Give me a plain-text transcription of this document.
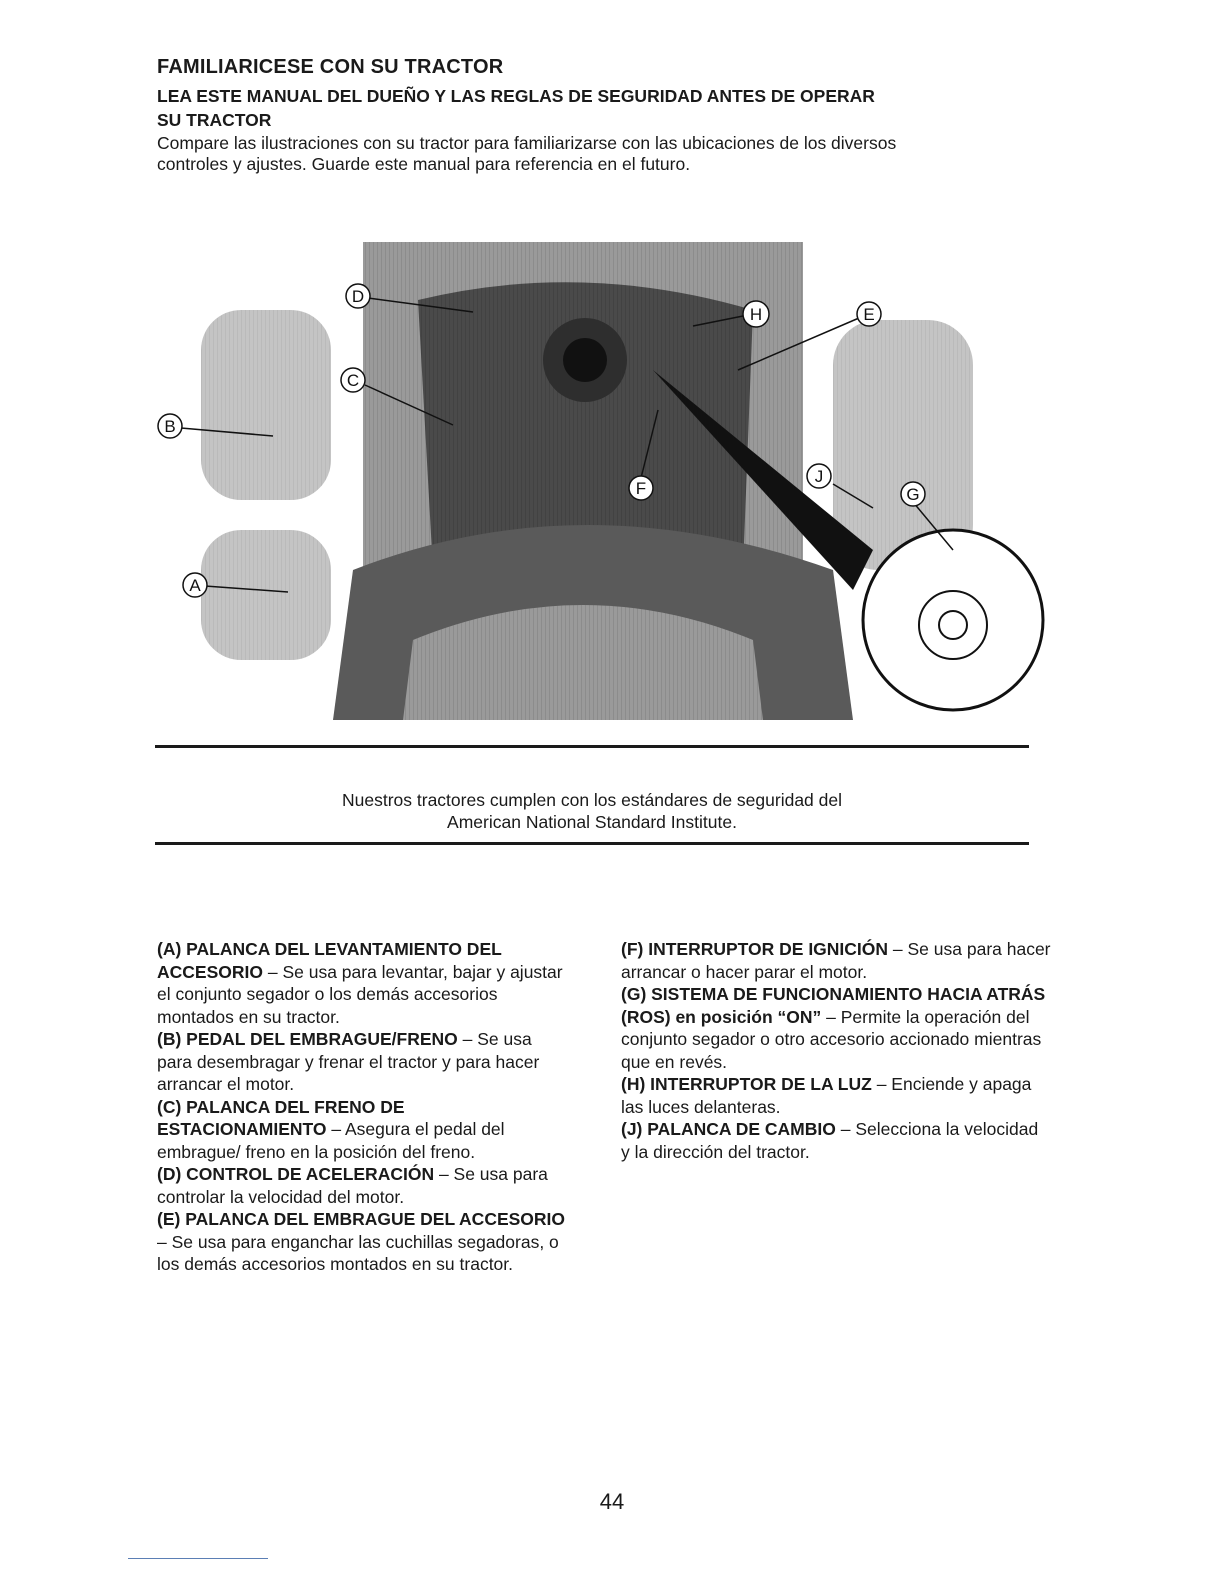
FAMILIARICESE CON SU TRACTOR
LEA ESTE MANUAL DEL DUEÑO Y LAS REGLAS DE SEGURIDAD ANTES DE OPERAR
SU TRACTOR
Compare las ilustraciones con su tractor para familiarizarse con las ubicaciones de los diversos
controles y ajustes. Guarde este manual para referencia en el futuro.
D
C
B
A
H	E
F
J
G
Nuestros tractores cumplen con los estándares de seguridad del
American National Standard Institute.
(A) PALANCA DEL LEVANTAMIENTO DEL ACCESORIO – Se usa para levantar, bajar y ajustar el conjunto segador o los demás accesorios montados en su tractor.
(B) PEDAL DEL EMBRAGUE/FRENO – Se usa para desembragar y frenar el tractor y para hacer arrancar el motor.
(C) PALANCA DEL FRENO DE ESTACIONAMIENTO – Asegura el pedal del embrague/ freno en la posición del freno.
(D) CONTROL DE ACELERACIÓN – Se usa para controlar la velocidad del motor.
(E) PALANCA DEL EMBRAGUE DEL ACCESORIO – Se usa para enganchar las cuchillas segadoras, o los demás accesorios montados en su tractor.
(F) INTERRUPTOR DE IGNICIÓN – Se usa para hacer arrancar o hacer parar el motor.
(G) SISTEMA DE FUNCIONAMIENTO HACIA ATRÁS (ROS) en posición “ON” – Permite la operación del conjunto segador o otro accesorio accionado mientras que en revés.
(H) INTERRUPTOR DE LA LUZ – Enciende y apaga las luces delanteras.
(J) PALANCA DE CAMBIO – Selecciona la velocidad y la dirección del tractor.
44
